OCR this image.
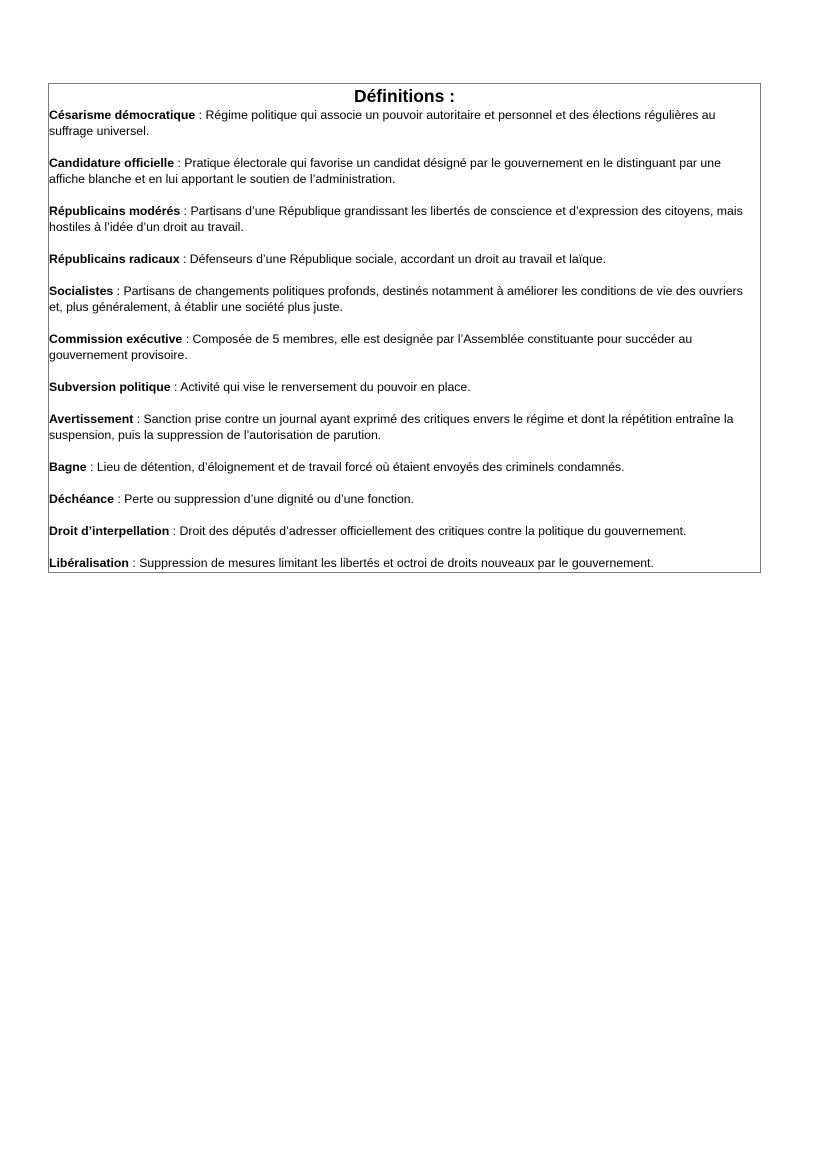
Définitions :
Césarisme démocratique : Régime politique qui associe un pouvoir autoritaire et personnel et des élections régulières au suffrage universel.
Candidature officielle : Pratique électorale qui favorise un candidat désigné par le gouvernement en le distinguant par une affiche blanche et en lui apportant le soutien de l’administration.
Républicains modérés : Partisans d’une République grandissant les libertés de conscience et d’expression des citoyens, mais hostiles à l’idée d’un droit au travail.
Républicains radicaux : Défenseurs d’une République sociale, accordant un droit au travail et laïque.
Socialistes : Partisans de changements politiques profonds, destinés notamment à améliorer les conditions de vie des ouvriers et, plus généralement, à établir une société plus juste.
Commission exécutive : Composée de 5 membres, elle est designée par l’Assemblée constituante pour succéder au gouvernement provisoire.
Subversion politique : Activité qui vise le renversement du pouvoir en place.
Avertissement : Sanction prise contre un journal ayant exprimé des critiques envers le régime et dont la répétition entraîne la suspension, puis la suppression de l’autorisation de parution.
Bagne : Lieu de détention, d’éloignement et de travail forcé où étaient envoyés des criminels condamnés.
Déchéance : Perte ou suppression d’une dignité ou d’une fonction.
Droit d’interpellation : Droit des députés d’adresser officiellement des critiques contre la politique du gouvernement.
Libéralisation : Suppression de mesures limitant les libertés et octroi de droits nouveaux par le gouvernement.
